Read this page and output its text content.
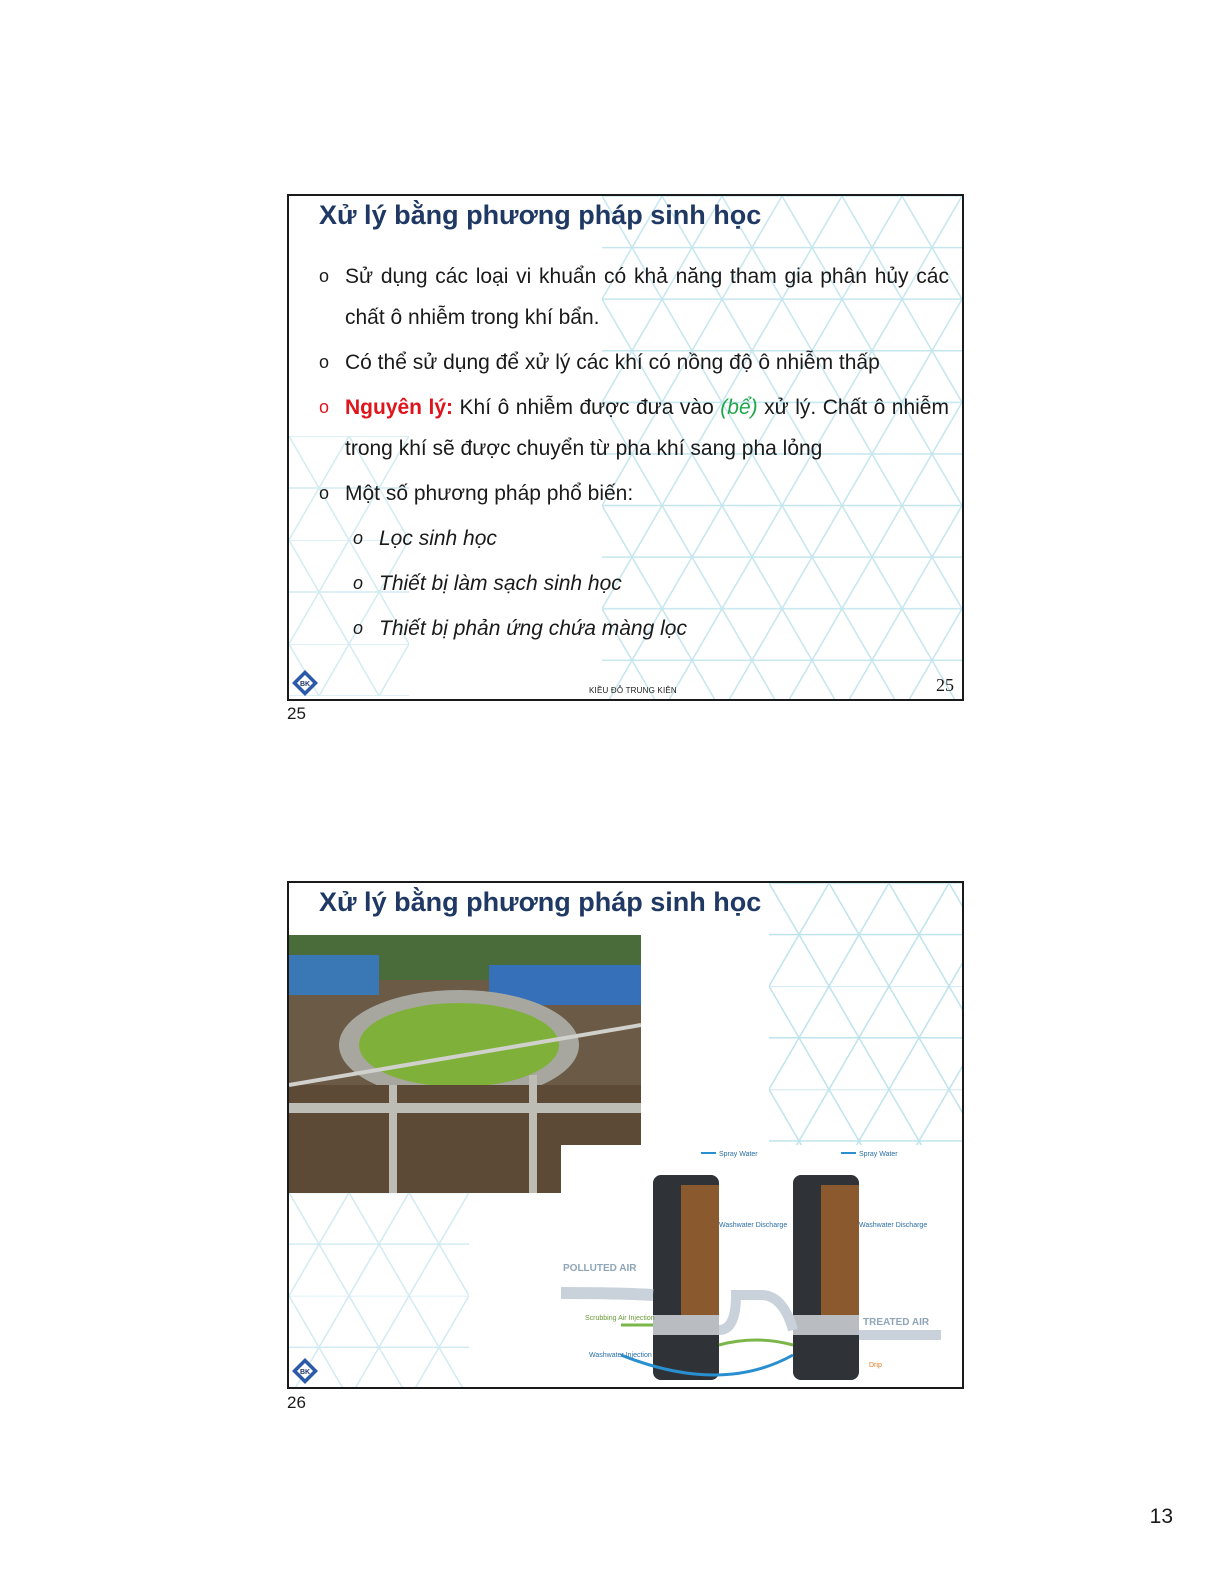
Xử lý bằng phương pháp sinh học
o Sử dụng các loại vi khuẩn có khả năng tham gia phân hủy các chất ô nhiễm trong khí bẩn.
o Có thể sử dụng để xử lý các khí có nồng độ ô nhiễm thấp
o Nguyên lý: Khí ô nhiễm được đưa vào (bể) xử lý. Chất ô nhiễm trong khí sẽ được chuyển từ pha khí sang pha lỏng
o Một số phương pháp phổ biến:
o Lọc sinh học
o Thiết bị làm sạch sinh học
o Thiết bị phản ứng chứa màng lọc
BK
KIỀU ĐỖ TRUNG KIÊN	25
25
Xử lý bằng phương pháp sinh học
Spray Water	Spray Water
Washwater Discharge	Washwater Discharge
POLLUTED AIR
Scrubbing Air Injection
Washwater Injection
TREATED AIR
Drip
BK
26
13
